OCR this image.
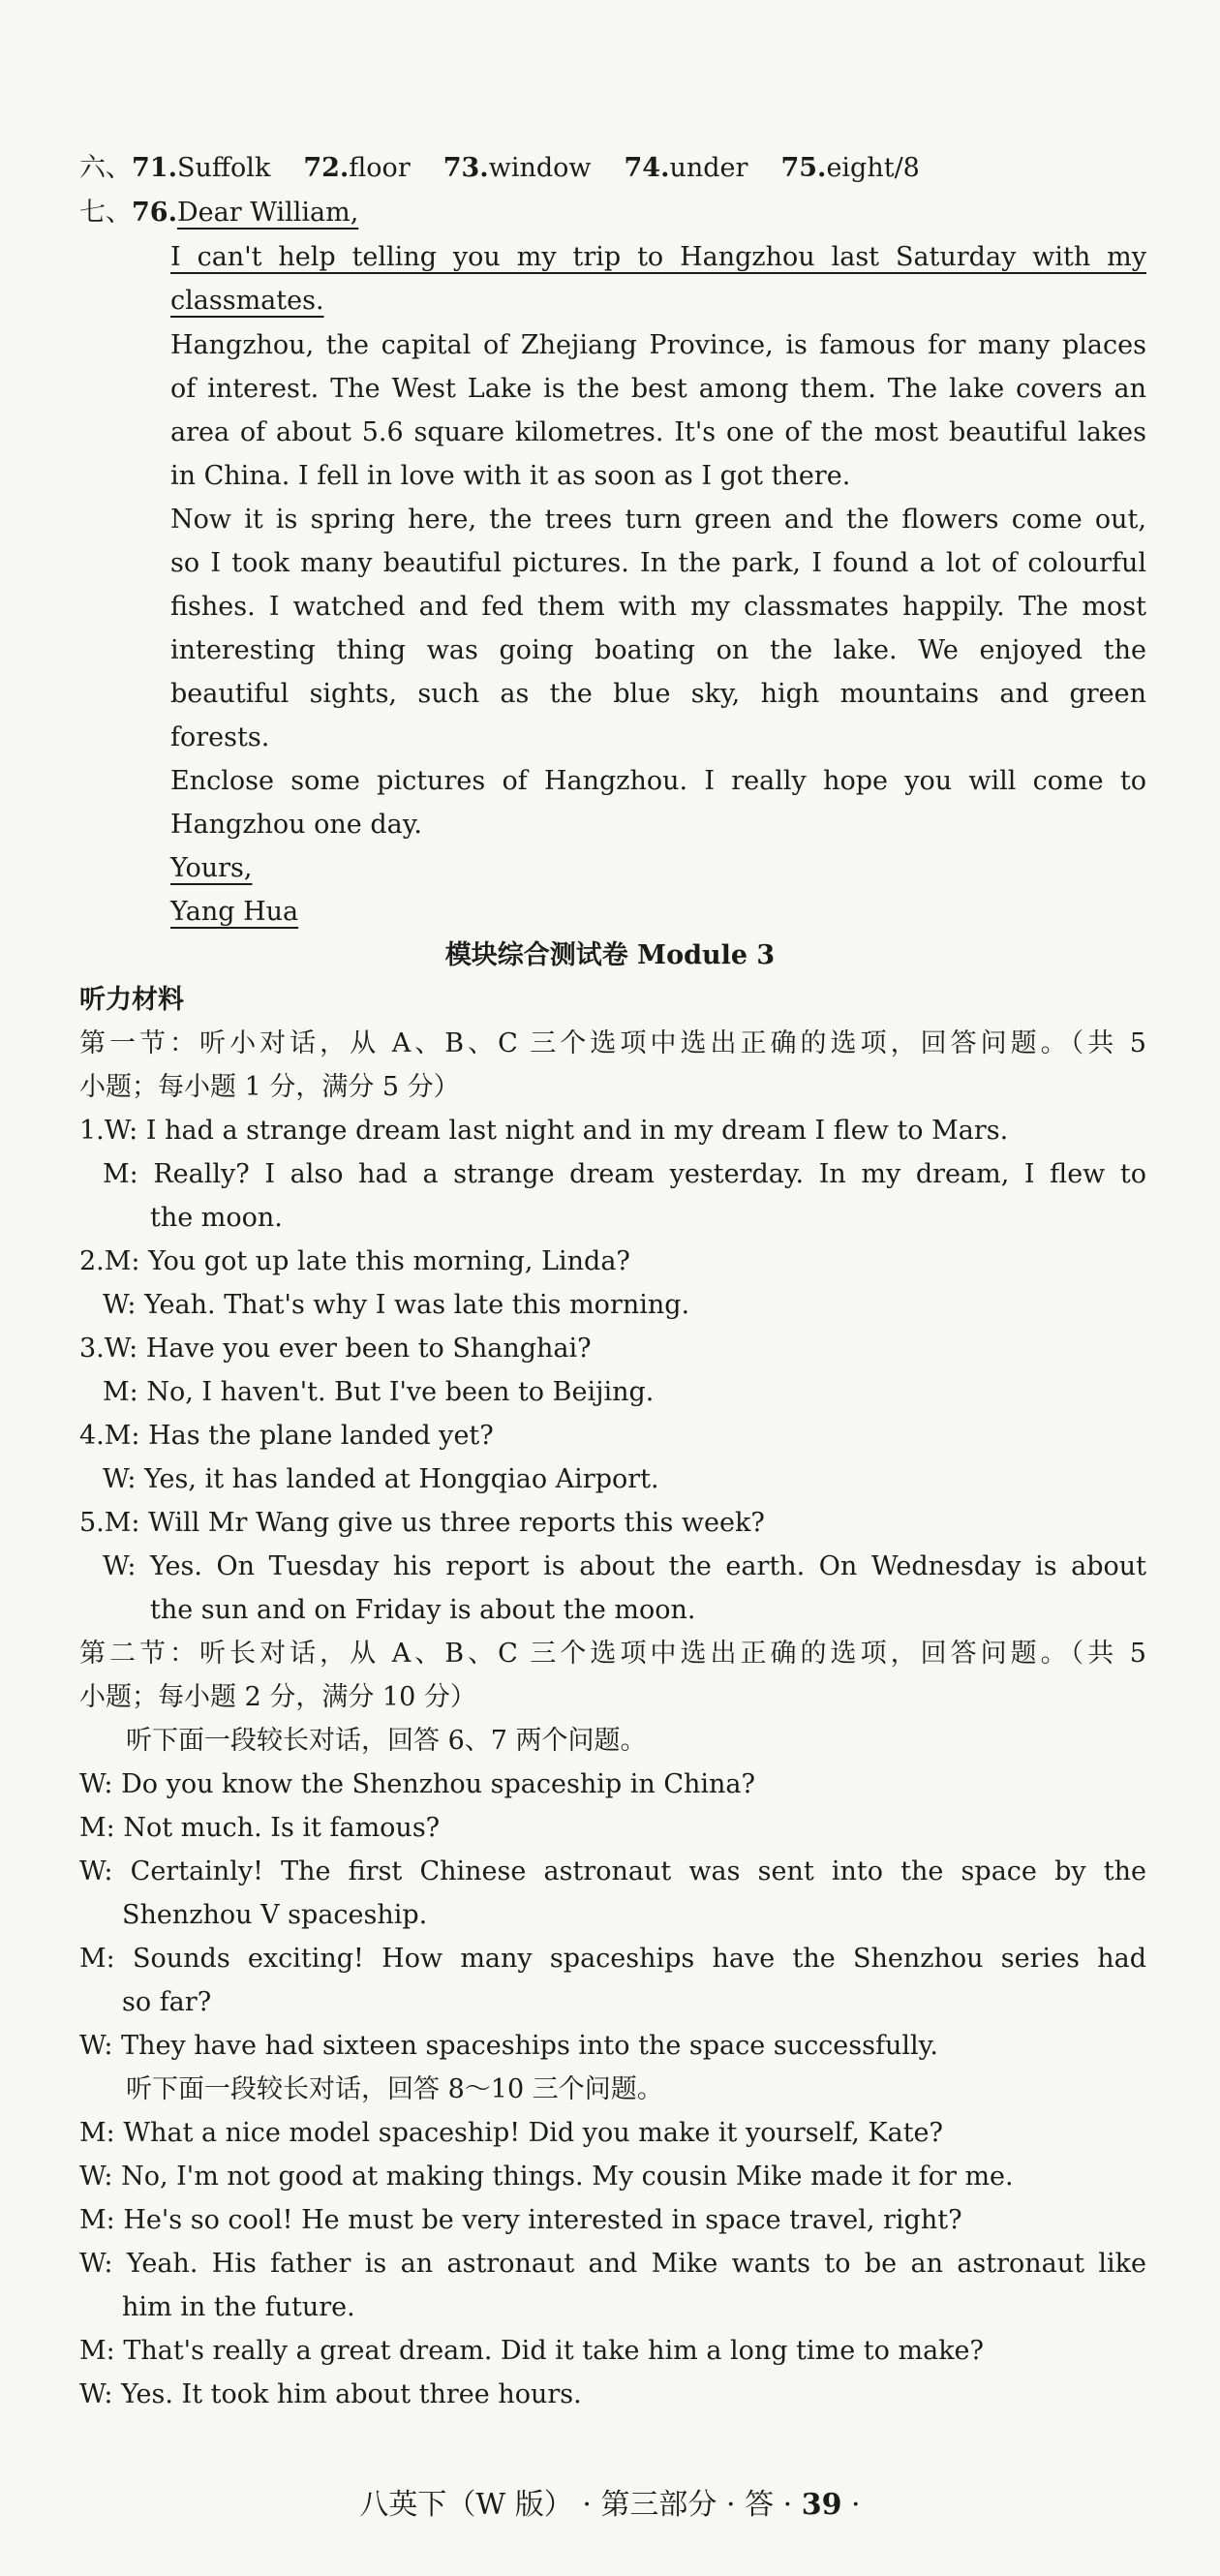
六、71.Suffolk 72.floor 73.window 74.under 75.eight/8
七、76.Dear William,
I can't help telling you my trip to Hangzhou last Saturday with my
classmates.
Hangzhou, the capital of Zhejiang Province, is famous for many places
of interest. The West Lake is the best among them. The lake covers an
area of about 5.6 square kilometres. It's one of the most beautiful lakes
in China. I fell in love with it as soon as I got there.
Now it is spring here, the trees turn green and the flowers come out,
so I took many beautiful pictures. In the park, I found a lot of colourful
fishes. I watched and fed them with my classmates happily. The most
interesting thing was going boating on the lake. We enjoyed the
beautiful sights, such as the blue sky, high mountains and green
forests.
Enclose some pictures of Hangzhou. I really hope you will come to
Hangzhou one day.
Yours,
Yang Hua
模块综合测试卷 Module 3
听力材料
第一节：听小对话，从 A、B、C 三个选项中选出正确的选项，回答问题。（共 5
小题；每小题 1 分，满分 5 分）
1.W: I had a strange dream last night and in my dream I flew to Mars.
M: Really? I also had a strange dream yesterday. In my dream, I flew to
the moon.
2.M: You got up late this morning, Linda?
W: Yeah. That's why I was late this morning.
3.W: Have you ever been to Shanghai?
M: No, I haven't. But I've been to Beijing.
4.M: Has the plane landed yet?
W: Yes, it has landed at Hongqiao Airport.
5.M: Will Mr Wang give us three reports this week?
W: Yes. On Tuesday his report is about the earth. On Wednesday is about
the sun and on Friday is about the moon.
第二节：听长对话，从 A、B、C 三个选项中选出正确的选项，回答问题。（共 5
小题；每小题 2 分，满分 10 分）
听下面一段较长对话，回答 6、7 两个问题。
W: Do you know the Shenzhou spaceship in China?
M: Not much. Is it famous?
W: Certainly! The first Chinese astronaut was sent into the space by the
Shenzhou V spaceship.
M: Sounds exciting! How many spaceships have the Shenzhou series had
so far?
W: They have had sixteen spaceships into the space successfully.
听下面一段较长对话，回答 8～10 三个问题。
M: What a nice model spaceship! Did you make it yourself, Kate?
W: No, I'm not good at making things. My cousin Mike made it for me.
M: He's so cool! He must be very interested in space travel, right?
W: Yeah. His father is an astronaut and Mike wants to be an astronaut like
him in the future.
M: That's really a great dream. Did it take him a long time to make?
W: Yes. It took him about three hours.
八英下（W 版） · 第三部分 · 答 · 39 ·
